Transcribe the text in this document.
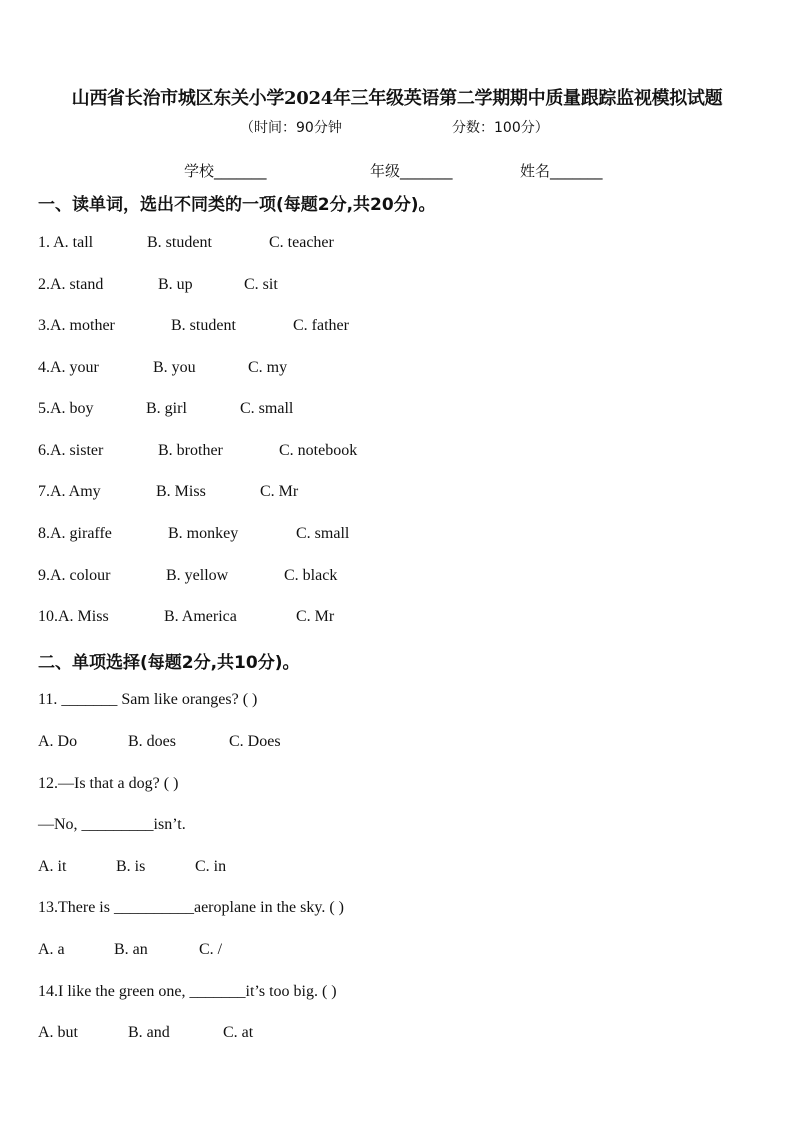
山西省长治市城区东关小学2024年三年级英语第二学期期中质量跟踪监视模拟试题
（时间：90分钟	分数：100分）
学校_______	年级_______	姓名_______
一、读单词，选出不同类的一项(每题2分,共20分)。
1. A. tall	B. student	C. teacher
2.A. stand	B. up	C. sit
3.A. mother	B. student	C. father
4.A. your	B. you	C. my
5.A. boy	B. girl	C. small
6.A. sister	B. brother	C. notebook
7.A. Amy	B. Miss	C. Mr
8.A. giraffe	B. monkey	C. small
9.A. colour	B. yellow	C. black
10.A. Miss	B. America	C. Mr
二、单项选择(每题2分,共10分)。
11. _______ Sam like oranges? ( )
A. Do	B. does	C. Does
12.—Is that a dog? ( )
—No, _________isn’t.
A. it	B. is	C. in
13.There is __________aeroplane in the sky. ( )
A. a	B. an	C. /
14.I like the green one, _______it’s too big. ( )
A. but	B. and	C. at
